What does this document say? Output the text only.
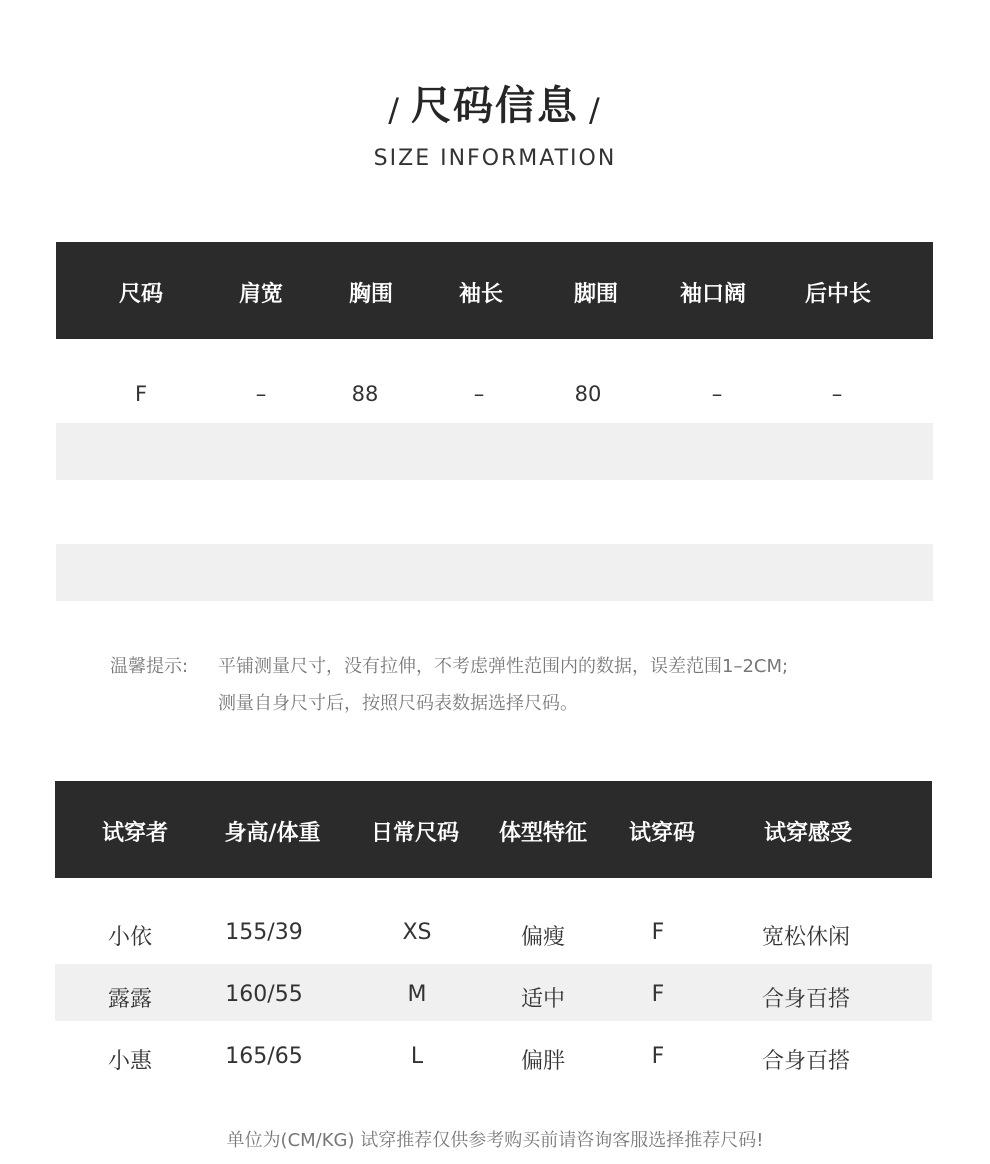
/ 尺码信息 /
SIZE INFORMATION
尺码	肩宽	胸围	袖长	脚围	袖口阔	后中长
F	–	88	–	80	–	–
温馨提示: 平铺测量尺寸，没有拉伸，不考虑弹性范围内的数据，误差范围1–2CM;
测量自身尺寸后，按照尺码表数据选择尺码。
试穿者	身高/体重	日常尺码	体型特征	试穿码	试穿感受
小依	155/39	XS	偏瘦	F	宽松休闲
露露	160/55	M	适中	F	合身百搭
小惠	165/65	L	偏胖	F	合身百搭
单位为(CM/KG) 试穿推荐仅供参考购买前请咨询客服选择推荐尺码!
